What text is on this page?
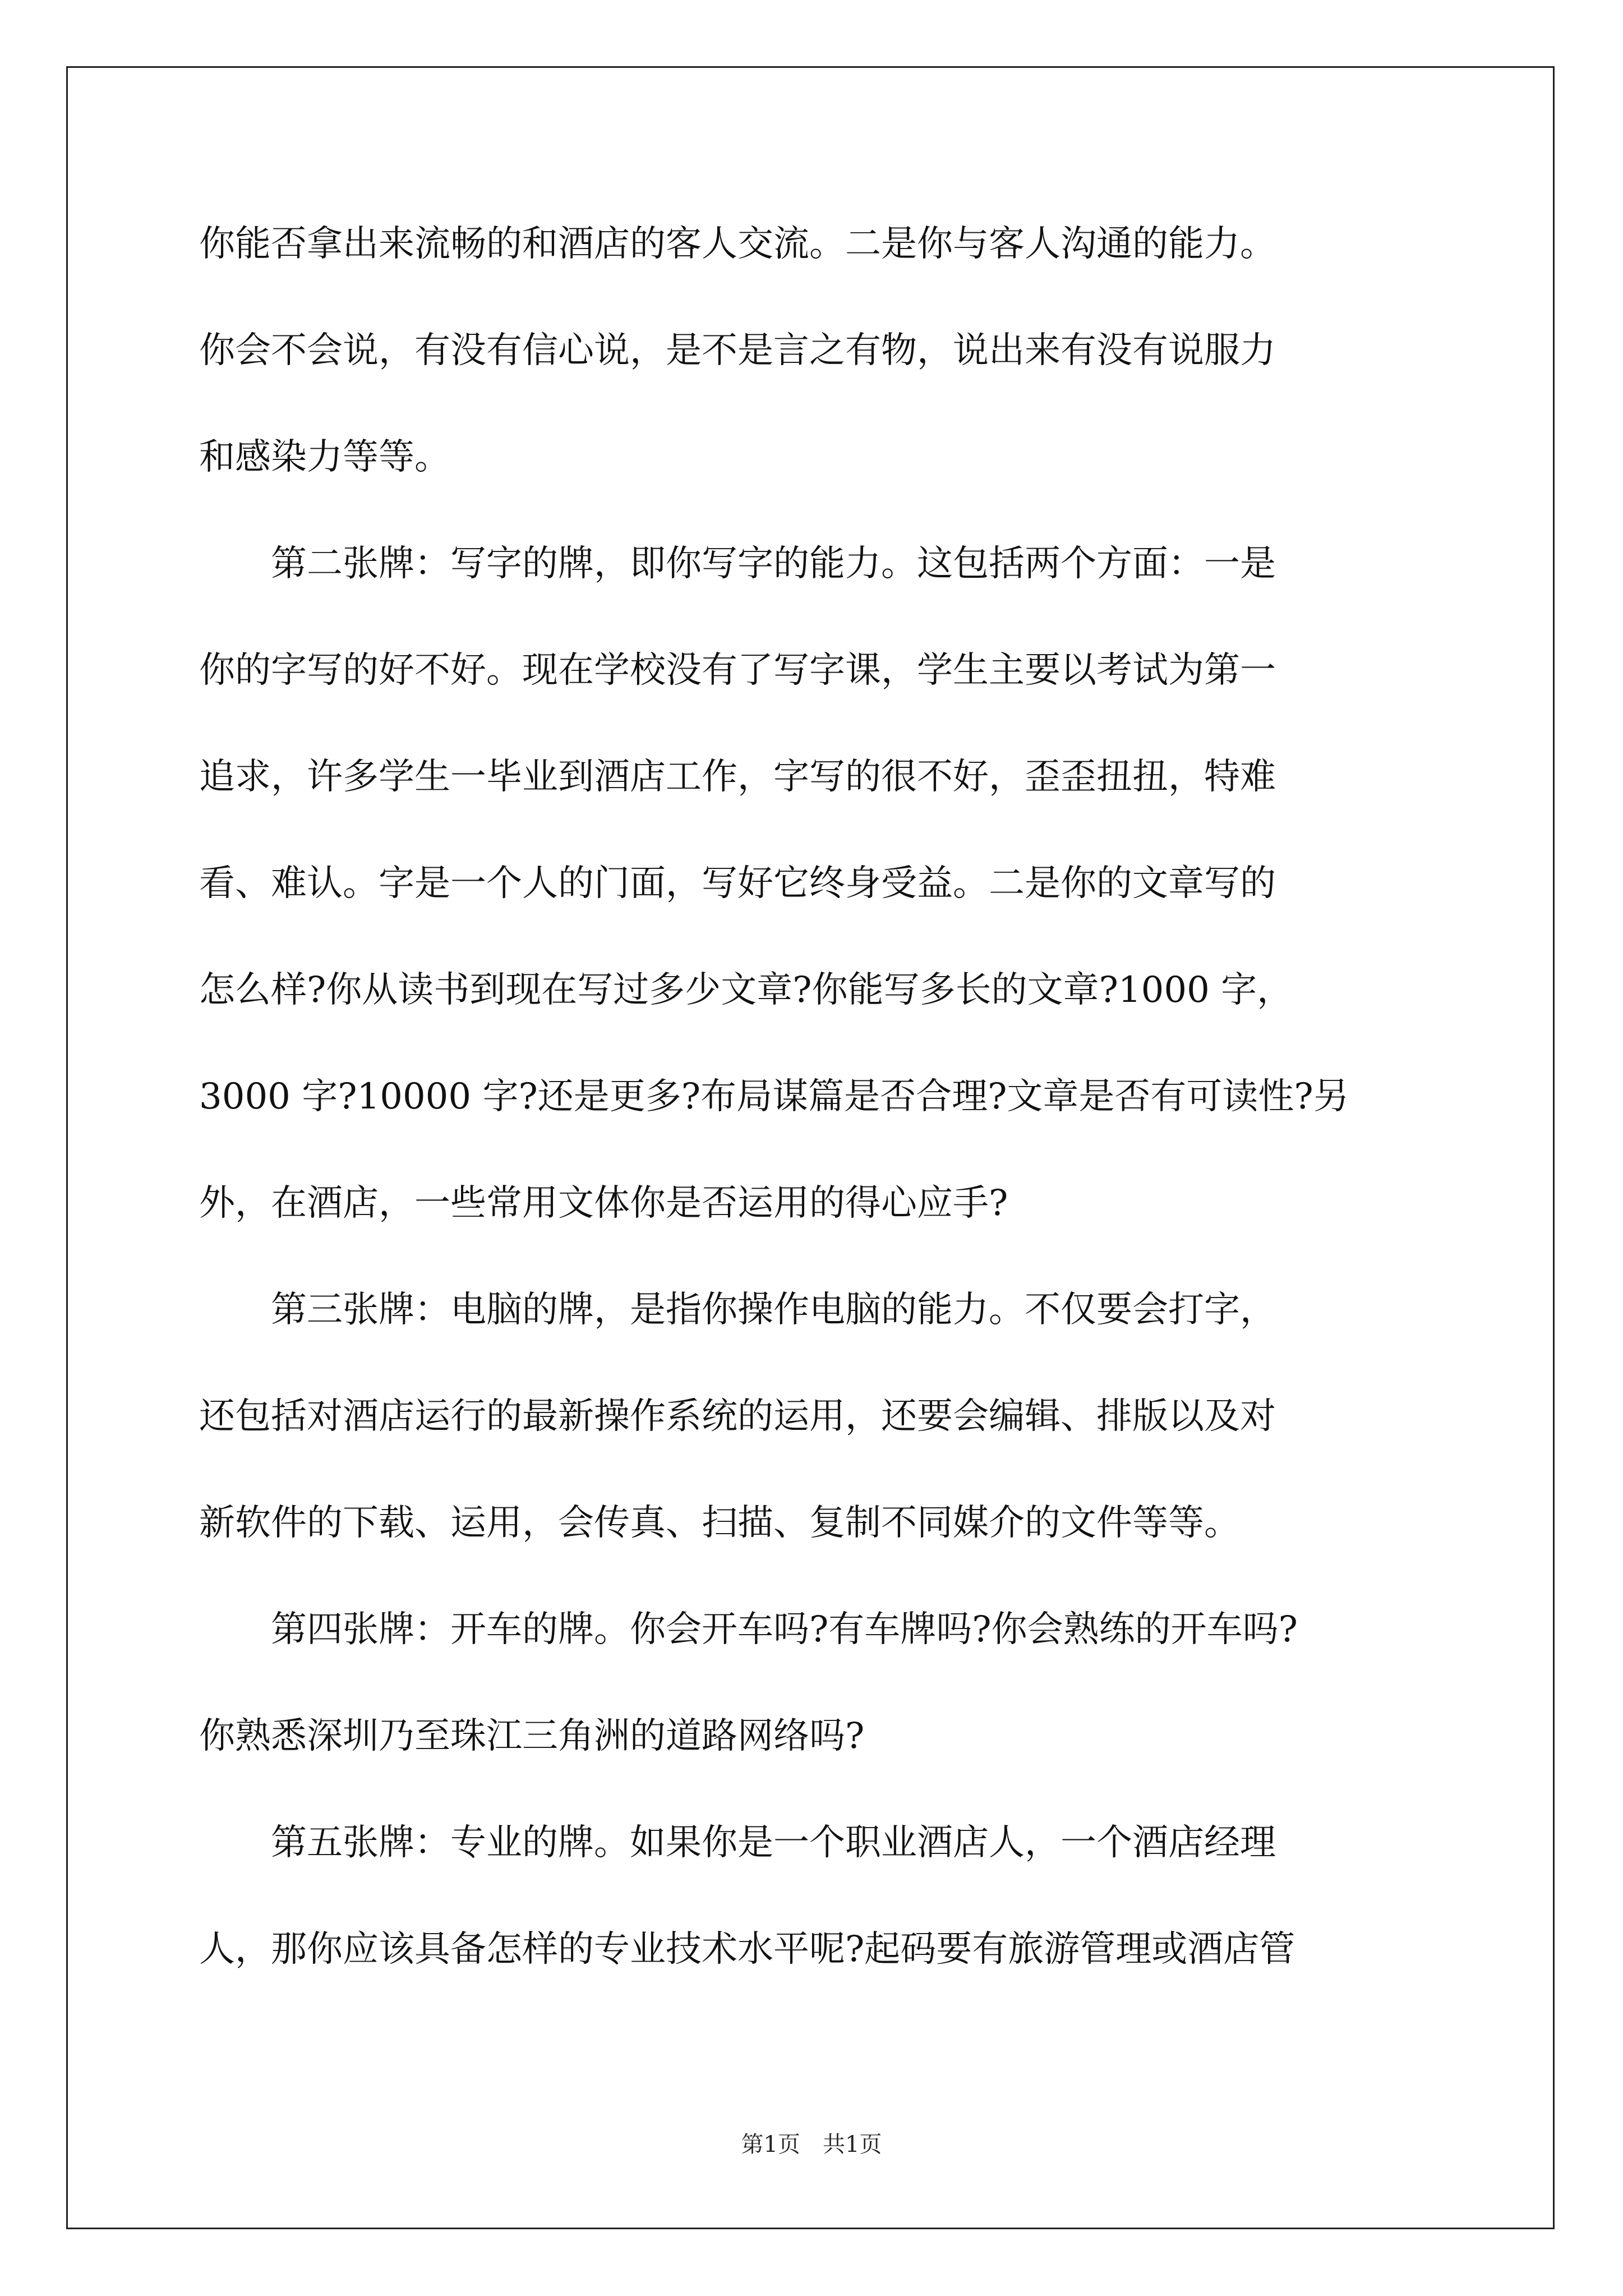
你能否拿出来流畅的和酒店的客人交流。二是你与客人沟通的能力。
你会不会说，有没有信心说，是不是言之有物，说出来有没有说服力
和感染力等等。
　　第二张牌：写字的牌，即你写字的能力。这包括两个方面：一是
你的字写的好不好。现在学校没有了写字课，学生主要以考试为第一
追求，许多学生一毕业到酒店工作，字写的很不好，歪歪扭扭，特难
看、难认。字是一个人的门面，写好它终身受益。二是你的文章写的
怎么样?你从读书到现在写过多少文章?你能写多长的文章?1000 字，
3000 字?10000 字?还是更多?布局谋篇是否合理?文章是否有可读性?另
外，在酒店，一些常用文体你是否运用的得心应手?
　　第三张牌：电脑的牌，是指你操作电脑的能力。不仅要会打字，
还包括对酒店运行的最新操作系统的运用，还要会编辑、排版以及对
新软件的下载、运用，会传真、扫描、复制不同媒介的文件等等。
　　第四张牌：开车的牌。你会开车吗?有车牌吗?你会熟练的开车吗?
你熟悉深圳乃至珠江三角洲的道路网络吗?
　　第五张牌：专业的牌。如果你是一个职业酒店人，一个酒店经理
人，那你应该具备怎样的专业技术水平呢?起码要有旅游管理或酒店管
第1页　共1页
